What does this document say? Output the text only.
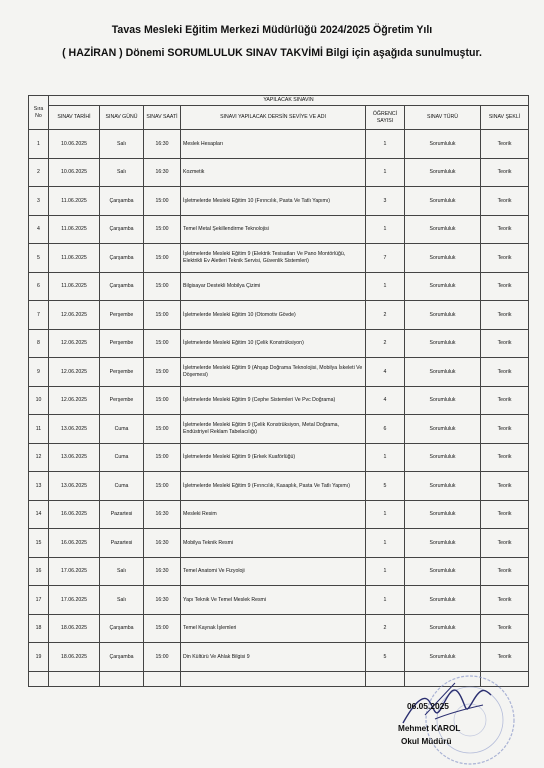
Tavas Mesleki Eğitim Merkezi Müdürlüğü 2024/2025 Öğretim Yılı
( HAZİRAN ) Dönemi SORUMLULUK SINAV TAKVİMİ Bilgi için aşağıda sunulmuştur.
Sıra No	YAPILACAK SINAVIN						
	SINAV TARİHİ	SINAV GÜNÜ	SINAV SAATİ	SINAVI YAPILACAK DERSİN SEVİYE VE ADI	ÖĞRENCİ SAYISI	SINAV TÜRÜ	SINAV ŞEKLİ
1	10.06.2025	Salı	16:30	Meslek Hesapları	1	Sorumluluk	Teorik
2	10.06.2025	Salı	16:30	Kozmetik	1	Sorumluluk	Teorik
3	11.06.2025	Çarşamba	15:00	İşletmelerde Mesleki Eğitim 10 (Fırıncılık, Pasta Ve Tatlı Yapımı)	3	Sorumluluk	Teorik
4	11.06.2025	Çarşamba	15:00	Temel Metal Şekillendirme Teknolojisi	1	Sorumluluk	Teorik
5	11.06.2025	Çarşamba	15:00	İşletmelerde Mesleki Eğitim 9 (Elektrik Tesisatları Ve Pano Montörlüğü, Elektrikli Ev Aletleri Teknik Servisi, Güvenlik Sistemleri)	7	Sorumluluk	Teorik
6	11.06.2025	Çarşamba	15:00	Bilgisayar Destekli Mobilya Çizimi	1	Sorumluluk	Teorik
7	12.06.2025	Perşembe	15:00	İşletmelerde Mesleki Eğitim 10 (Otomotiv Gövde)	2	Sorumluluk	Teorik
8	12.06.2025	Perşembe	15:00	İşletmelerde Mesleki Eğitim 10 (Çelik Konstrüksiyon)	2	Sorumluluk	Teorik
9	12.06.2025	Perşembe	15:00	İşletmelerde Mesleki Eğitim 9 (Ahşap Doğrama Teknolojisi, Mobilya İskeleti Ve Döşemesi)	4	Sorumluluk	Teorik
10	12.06.2025	Perşembe	15:00	İşletmelerde Mesleki Eğitim 9 (Cephe Sistemleri Ve Pvc Doğrama)	4	Sorumluluk	Teorik
11	13.06.2025	Cuma	15:00	İşletmelerde Mesleki Eğitim 9 (Çelik Konstrüksiyon, Metal Doğrama, Endüstriyel Reklam Tabelacılığı)	6	Sorumluluk	Teorik
12	13.06.2025	Cuma	15:00	İşletmelerde Mesleki Eğitim 9 (Erkek Kuaförlüğü)	1	Sorumluluk	Teorik
13	13.06.2025	Cuma	15:00	İşletmelerde Mesleki Eğitim 9 (Fırıncılık, Kasaplık, Pasta Ve Tatlı Yapımı)	5	Sorumluluk	Teorik
14	16.06.2025	Pazartesi	16:30	Mesleki Resim	1	Sorumluluk	Teorik
15	16.06.2025	Pazartesi	16:30	Mobilya Teknik Resmi	1	Sorumluluk	Teorik
16	17.06.2025	Salı	16:30	Temel Anatomi Ve Fizyoloji	1	Sorumluluk	Teorik
17	17.06.2025	Salı	16:30	Yapı Teknik Ve Temel Meslek Resmi	1	Sorumluluk	Teorik
18	18.06.2025	Çarşamba	15:00	Temel Kaynak İşlemleri	2	Sorumluluk	Teorik
19	18.06.2025	Çarşamba	15:00	Din Kültürü Ve Ahlak Bilgisi 9	5	Sorumluluk	Teorik

06.05.2025
Mehmet KAROL
Okul Müdürü
